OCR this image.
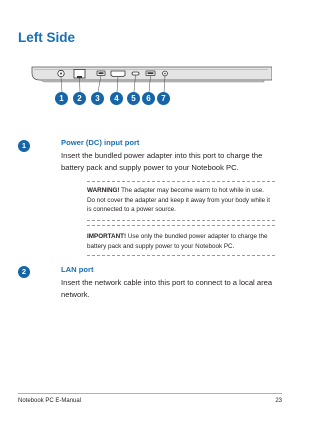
Left Side
1	2	3	4	5	6	7
1	Power (DC) input port

Insert the bundled power adapter into this port to charge the battery pack and supply power to your Notebook PC.

WARNING! The adapter may become warm to hot while in use. Do not cover the adapter and keep it away from your body while it is connected to a power source.

IMPORTANT! Use only the bundled power adapter to charge the battery pack and supply power to your Notebook PC.

2	LAN port

Insert the network cable into this port to connect to a local area network.

Notebook PC E-Manual	23
